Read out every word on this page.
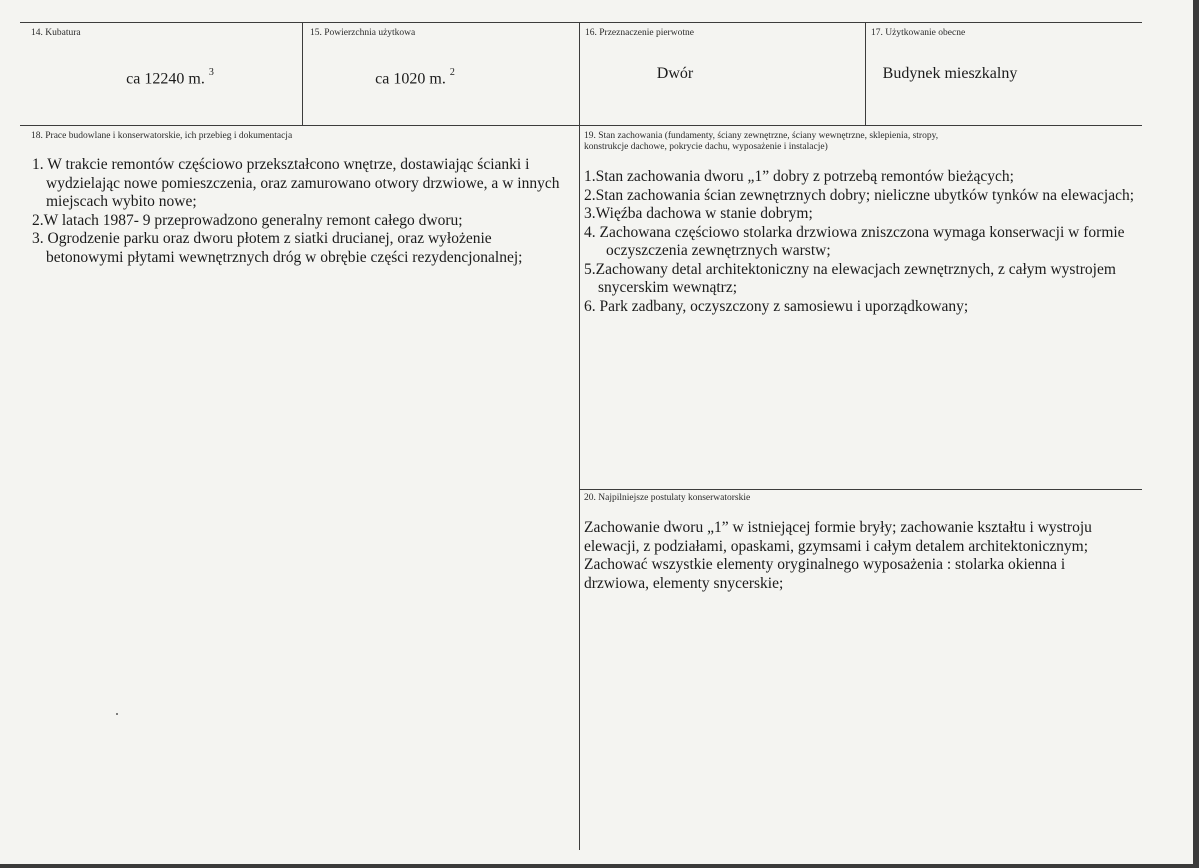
14. Kubatura
ca 12240 m. $^3$
15. Powierzchnia użytkowa
ca 1020 m. $^2$
16. Przeznaczenie pierwotne
Dwór
17. Użytkowanie obecne
Budynek mieszkalny
18. Prace budowlane i konserwatorskie, ich przebieg i dokumentacja
1. W trakcie remontów częściowo przekształcono wnętrze, dostawiając ścianki i wydzielając nowe pomieszczenia, oraz zamurowano otwory drzwiowe, a w innych miejscach wybito nowe;
2.W latach 1987- 9 przeprowadzono generalny remont całego dworu;
3. Ogrodzenie parku oraz dworu płotem z siatki drucianej, oraz wyłożenie betonowymi płytami wewnętrznych dróg w obrębie części rezydencjonalnej;
19. Stan zachowania (fundamenty, ściany zewnętrzne, ściany wewnętrzne, sklepienia, stropy,
konstrukcje dachowe, pokrycie dachu, wyposażenie i instalacje)
1.Stan zachowania dworu „1” dobry z potrzebą remontów bieżących;
2.Stan zachowania ścian zewnętrznych dobry; nieliczne ubytków tynków na elewacjach;
3.Więźba dachowa w stanie dobrym;
4. Zachowana częściowo stolarka drzwiowa zniszczona wymaga konserwacji w formie oczyszczenia zewnętrznych warstw;
5.Zachowany detal architektoniczny na elewacjach zewnętrznych, z całym wystrojem snycerskim wewnątrz;
6. Park zadbany, oczyszczony z samosiewu i uporządkowany;
20. Najpilniejsze postulaty konserwatorskie
Zachowanie dworu „1” w istniejącej formie bryły; zachowanie kształtu i wystroju elewacji, z podziałami, opaskami, gzymsami i całym detalem architektonicznym;
Zachować wszystkie elementy oryginalnego wyposażenia : stolarka okienna i drzwiowa, elementy snycerskie;
